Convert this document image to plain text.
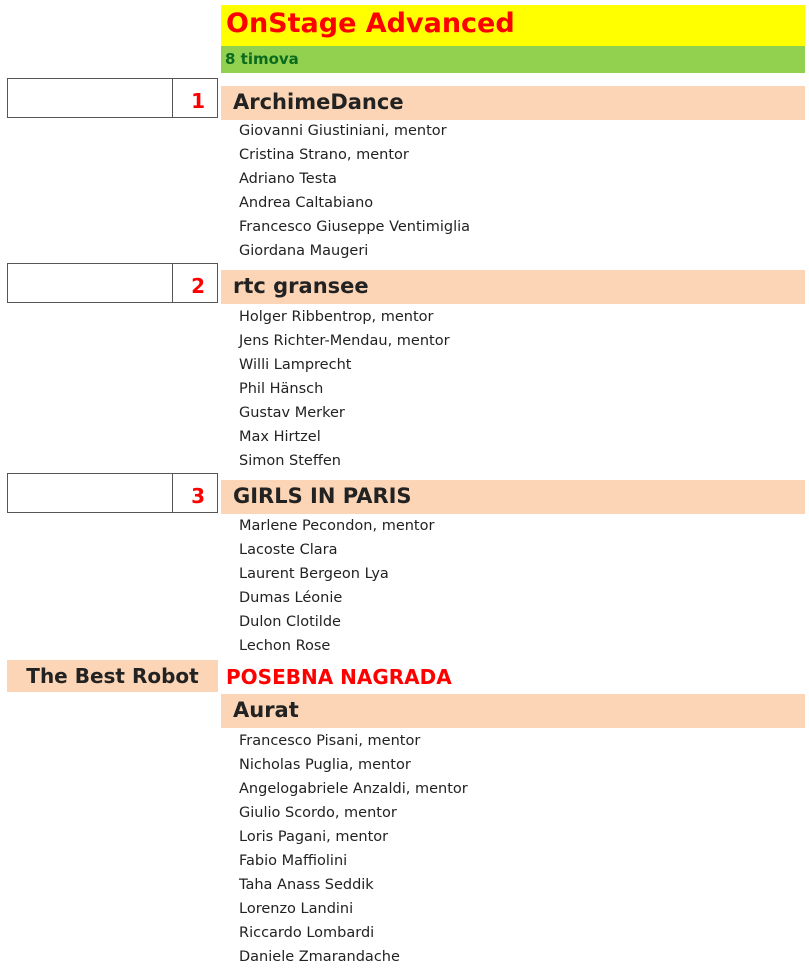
OnStage Advanced
8 timova
1 ArchimeDance
Giovanni Giustiniani, mentor
Cristina Strano, mentor
Adriano Testa
Andrea Caltabiano
Francesco Giuseppe Ventimiglia
Giordana Maugeri
2 rtc gransee
Holger Ribbentrop, mentor
Jens Richter-Mendau, mentor
Willi Lamprecht
Phil Hänsch
Gustav Merker
Max Hirtzel
Simon Steffen
3 GIRLS IN PARIS
Marlene Pecondon, mentor
Lacoste Clara
Laurent Bergeon Lya
Dumas Léonie
Dulon Clotilde
Lechon Rose
The Best Robot	POSEBNA NAGRADA
Aurat
Francesco Pisani, mentor
Nicholas Puglia, mentor
Angelogabriele Anzaldi, mentor
Giulio Scordo, mentor
Loris Pagani, mentor
Fabio Maffiolini
Taha Anass Seddik
Lorenzo Landini
Riccardo Lombardi
Daniele Zmarandache
